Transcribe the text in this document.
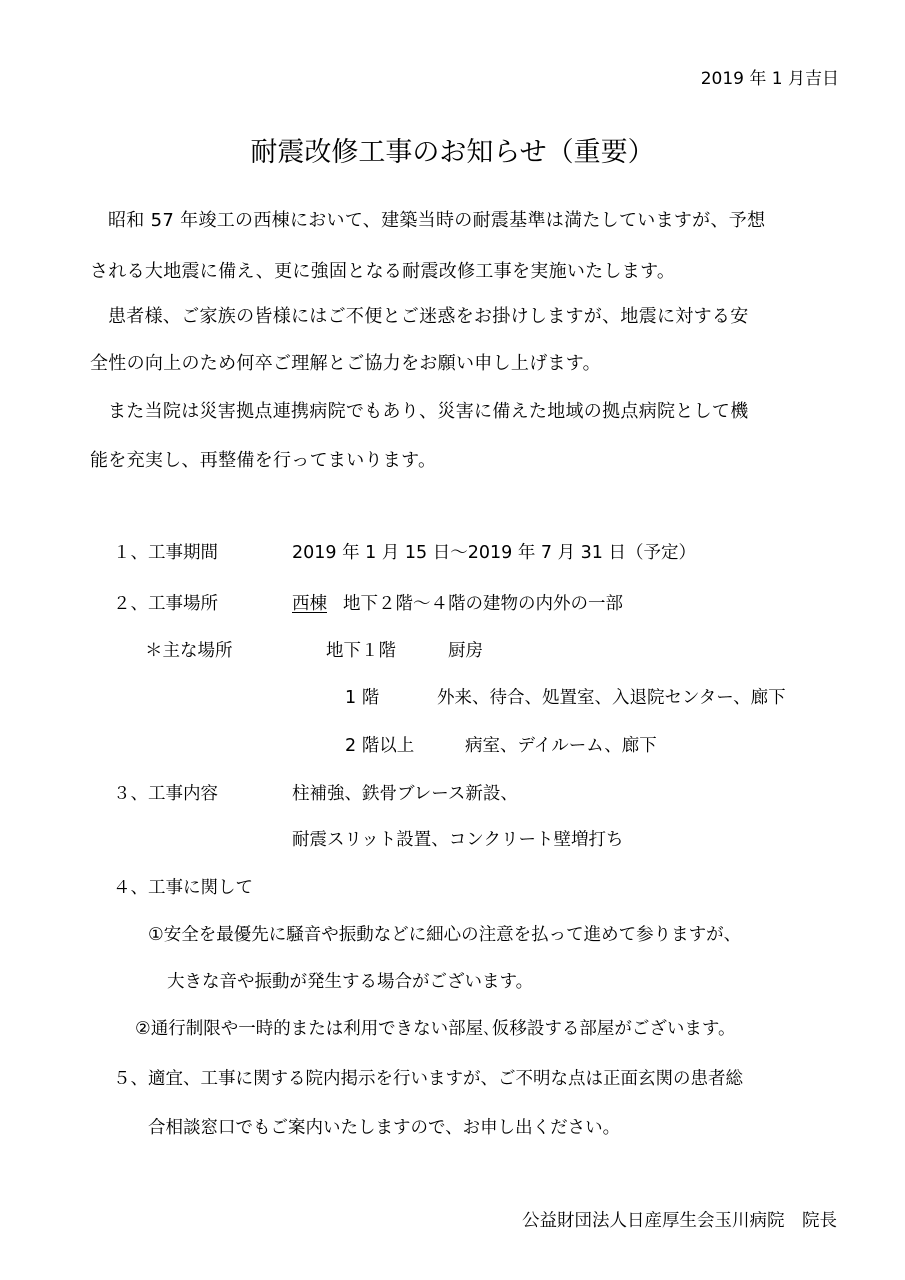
2019 年 1 月吉日
耐震改修工事のお知らせ（重要）
昭和 57 年竣工の西棟において、建築当時の耐震基準は満たしていますが、予想
される大地震に備え、更に強固となる耐震改修工事を実施いたします。
患者様、ご家族の皆様にはご不便とご迷惑をお掛けしますが、地震に対する安
全性の向上のため何卒ご理解とご協力をお願い申し上げます。
また当院は災害拠点連携病院でもあり、災害に備えた地域の拠点病院として機
能を充実し、再整備を行ってまいります。
１、工事期間	2019 年 1 月 15 日～2019 年 7 月 31 日（予定）
２、工事場所	西棟 地下２階～４階の建物の内外の一部
＊主な場所	地下１階	厨房
1 階	外来、待合、処置室、入退院センター、廊下
2 階以上	病室、デイルーム、廊下
３、工事内容	柱補強、鉄骨ブレース新設、
耐震スリット設置、コンクリート壁増打ち
４、工事に関して
①安全を最優先に騒音や振動などに細心の注意を払って進めて参りますが、
大きな音や振動が発生する場合がございます。
②通行制限や一時的または利用できない部屋､仮移設する部屋がございます。
５、適宜、工事に関する院内掲示を行いますが、ご不明な点は正面玄関の患者総
合相談窓口でもご案内いたしますので、お申し出ください。
公益財団法人日産厚生会玉川病院　院長
